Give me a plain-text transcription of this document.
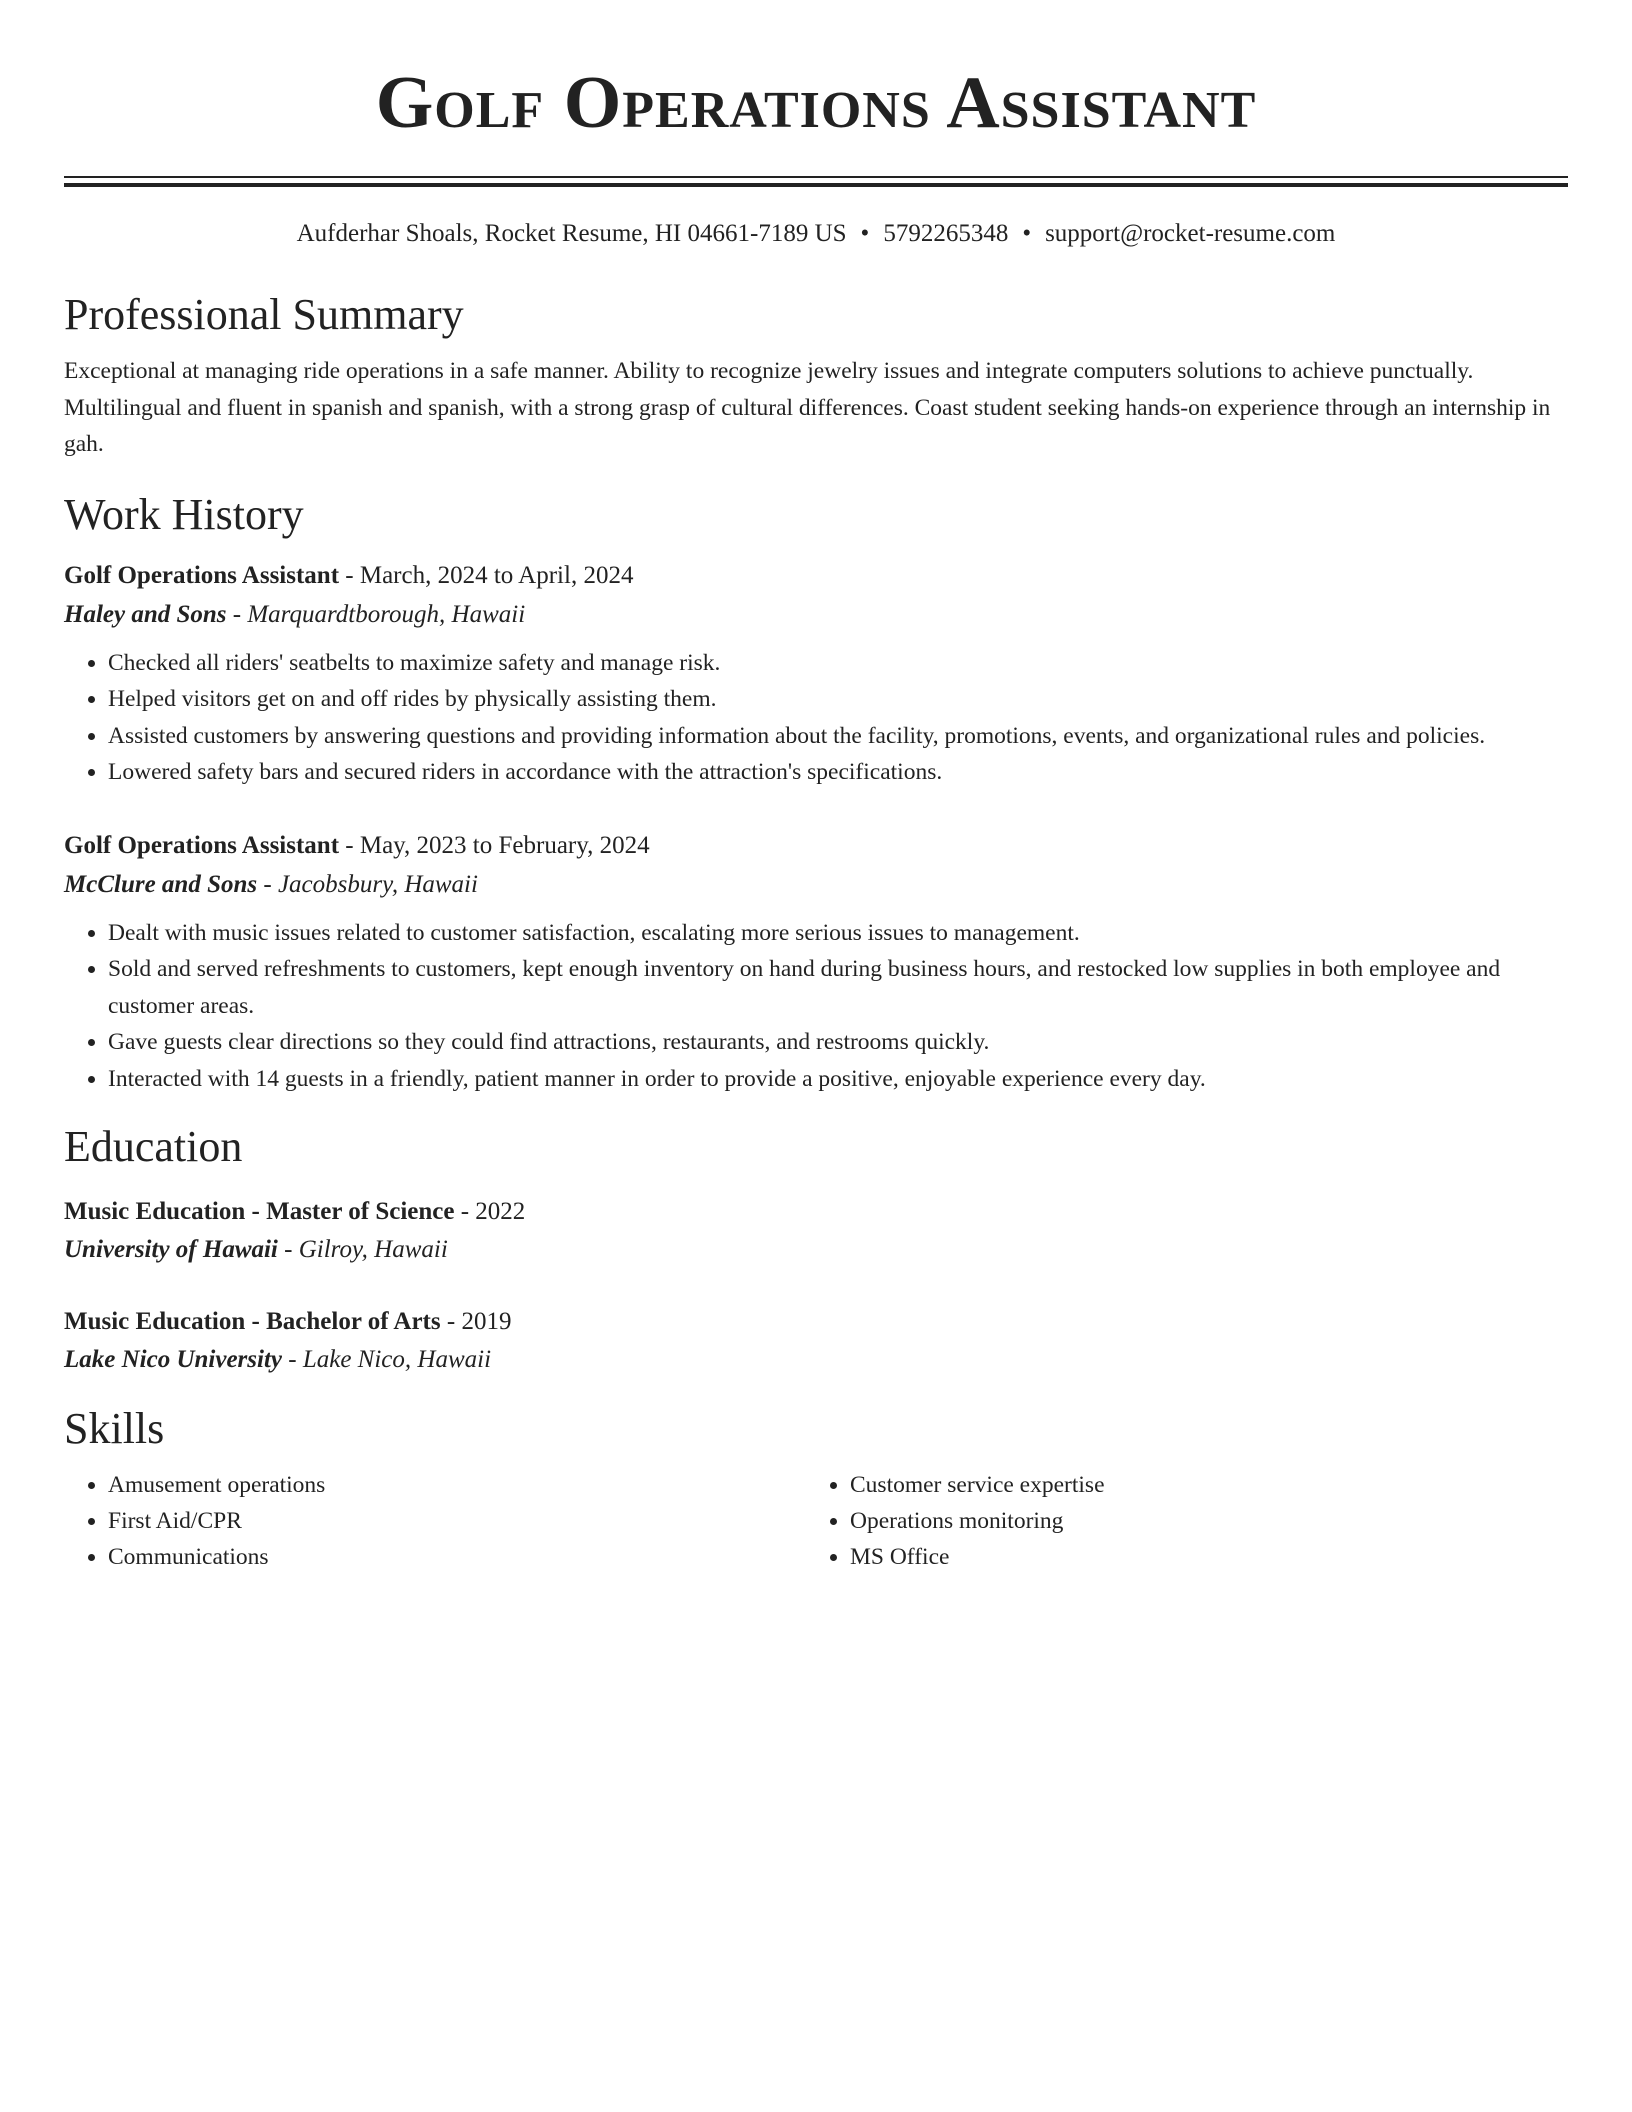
Golf Operations Assistant
Aufderhar Shoals, Rocket Resume, HI 04661-7189 US • 5792265348 • support@rocket-resume.com
Professional Summary
Exceptional at managing ride operations in a safe manner. Ability to recognize jewelry issues and integrate computers solutions to achieve punctually. Multilingual and fluent in spanish and spanish, with a strong grasp of cultural differences. Coast student seeking hands-on experience through an internship in gah.
Work History
Golf Operations Assistant - March, 2024 to April, 2024
Haley and Sons - Marquardtborough, Hawaii
• Checked all riders' seatbelts to maximize safety and manage risk.
• Helped visitors get on and off rides by physically assisting them.
• Assisted customers by answering questions and providing information about the facility, promotions, events, and organizational rules and policies.
• Lowered safety bars and secured riders in accordance with the attraction's specifications.
Golf Operations Assistant - May, 2023 to February, 2024
McClure and Sons - Jacobsbury, Hawaii
• Dealt with music issues related to customer satisfaction, escalating more serious issues to management.
• Sold and served refreshments to customers, kept enough inventory on hand during business hours, and restocked low supplies in both employee and customer areas.
• Gave guests clear directions so they could find attractions, restaurants, and restrooms quickly.
• Interacted with 14 guests in a friendly, patient manner in order to provide a positive, enjoyable experience every day.
Education
Music Education - Master of Science - 2022
University of Hawaii - Gilroy, Hawaii
Music Education - Bachelor of Arts - 2019
Lake Nico University - Lake Nico, Hawaii
Skills
• Amusement operations
• First Aid/CPR
• Communications
• Customer service expertise
• Operations monitoring
• MS Office
